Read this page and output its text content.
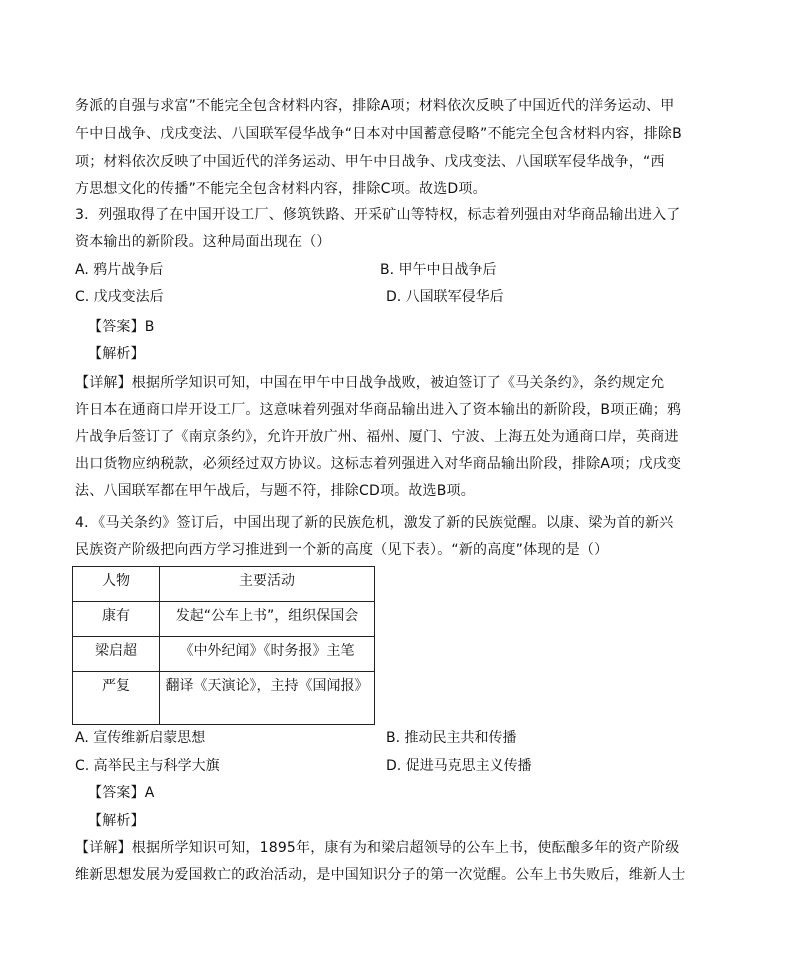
务派的自强与求富”不能完全包含材料内容，排除A项；材料依次反映了中国近代的洋务运动、甲
午中日战争、戊戌变法、八国联军侵华战争“日本对中国蓄意侵略”不能完全包含材料内容，排除B
项；材料依次反映了中国近代的洋务运动、甲午中日战争、戊戌变法、八国联军侵华战争，“西
方思想文化的传播”不能完全包含材料内容，排除C项。故选D项。
3．列强取得了在中国开设工厂、修筑铁路、开采矿山等特权，标志着列强由对华商品输出进入了
资本输出的新阶段。这种局面出现在（）
A. 鸦片战争后	B. 甲午中日战争后
C. 戊戌变法后	D. 八国联军侵华后
【答案】B
【解析】
【详解】根据所学知识可知，中国在甲午中日战争战败，被迫签订了《马关条约》，条约规定允
许日本在通商口岸开设工厂。这意味着列强对华商品输出进入了资本输出的新阶段，B项正确；鸦
片战争后签订了《南京条约》，允许开放广州、福州、厦门、宁波、上海五处为通商口岸，英商进
出口货物应纳税款，必须经过双方协议。这标志着列强进入对华商品输出阶段，排除A项；戊戌变
法、八国联军都在甲午战后，与题不符，排除CD项。故选B项。
4．《马关条约》签订后，中国出现了新的民族危机，激发了新的民族觉醒。以康、梁为首的新兴
民族资产阶级把向西方学习推进到一个新的高度（见下表）。“新的高度”体现的是（）
人物	主要活动
康有	发起“公车上书”，组织保国会
梁启超	《中外纪闻》《时务报》主笔
严复	翻译《天演论》，主持《国闻报》
A. 宣传维新启蒙思想	B. 推动民主共和传播
C. 高举民主与科学大旗	D. 促进马克思主义传播
【答案】A
【解析】
【详解】根据所学知识可知，1895年，康有为和梁启超领导的公车上书，使酝酿多年的资产阶级
维新思想发展为爱国救亡的政治活动，是中国知识分子的第一次觉醒。公车上书失败后，维新人士
